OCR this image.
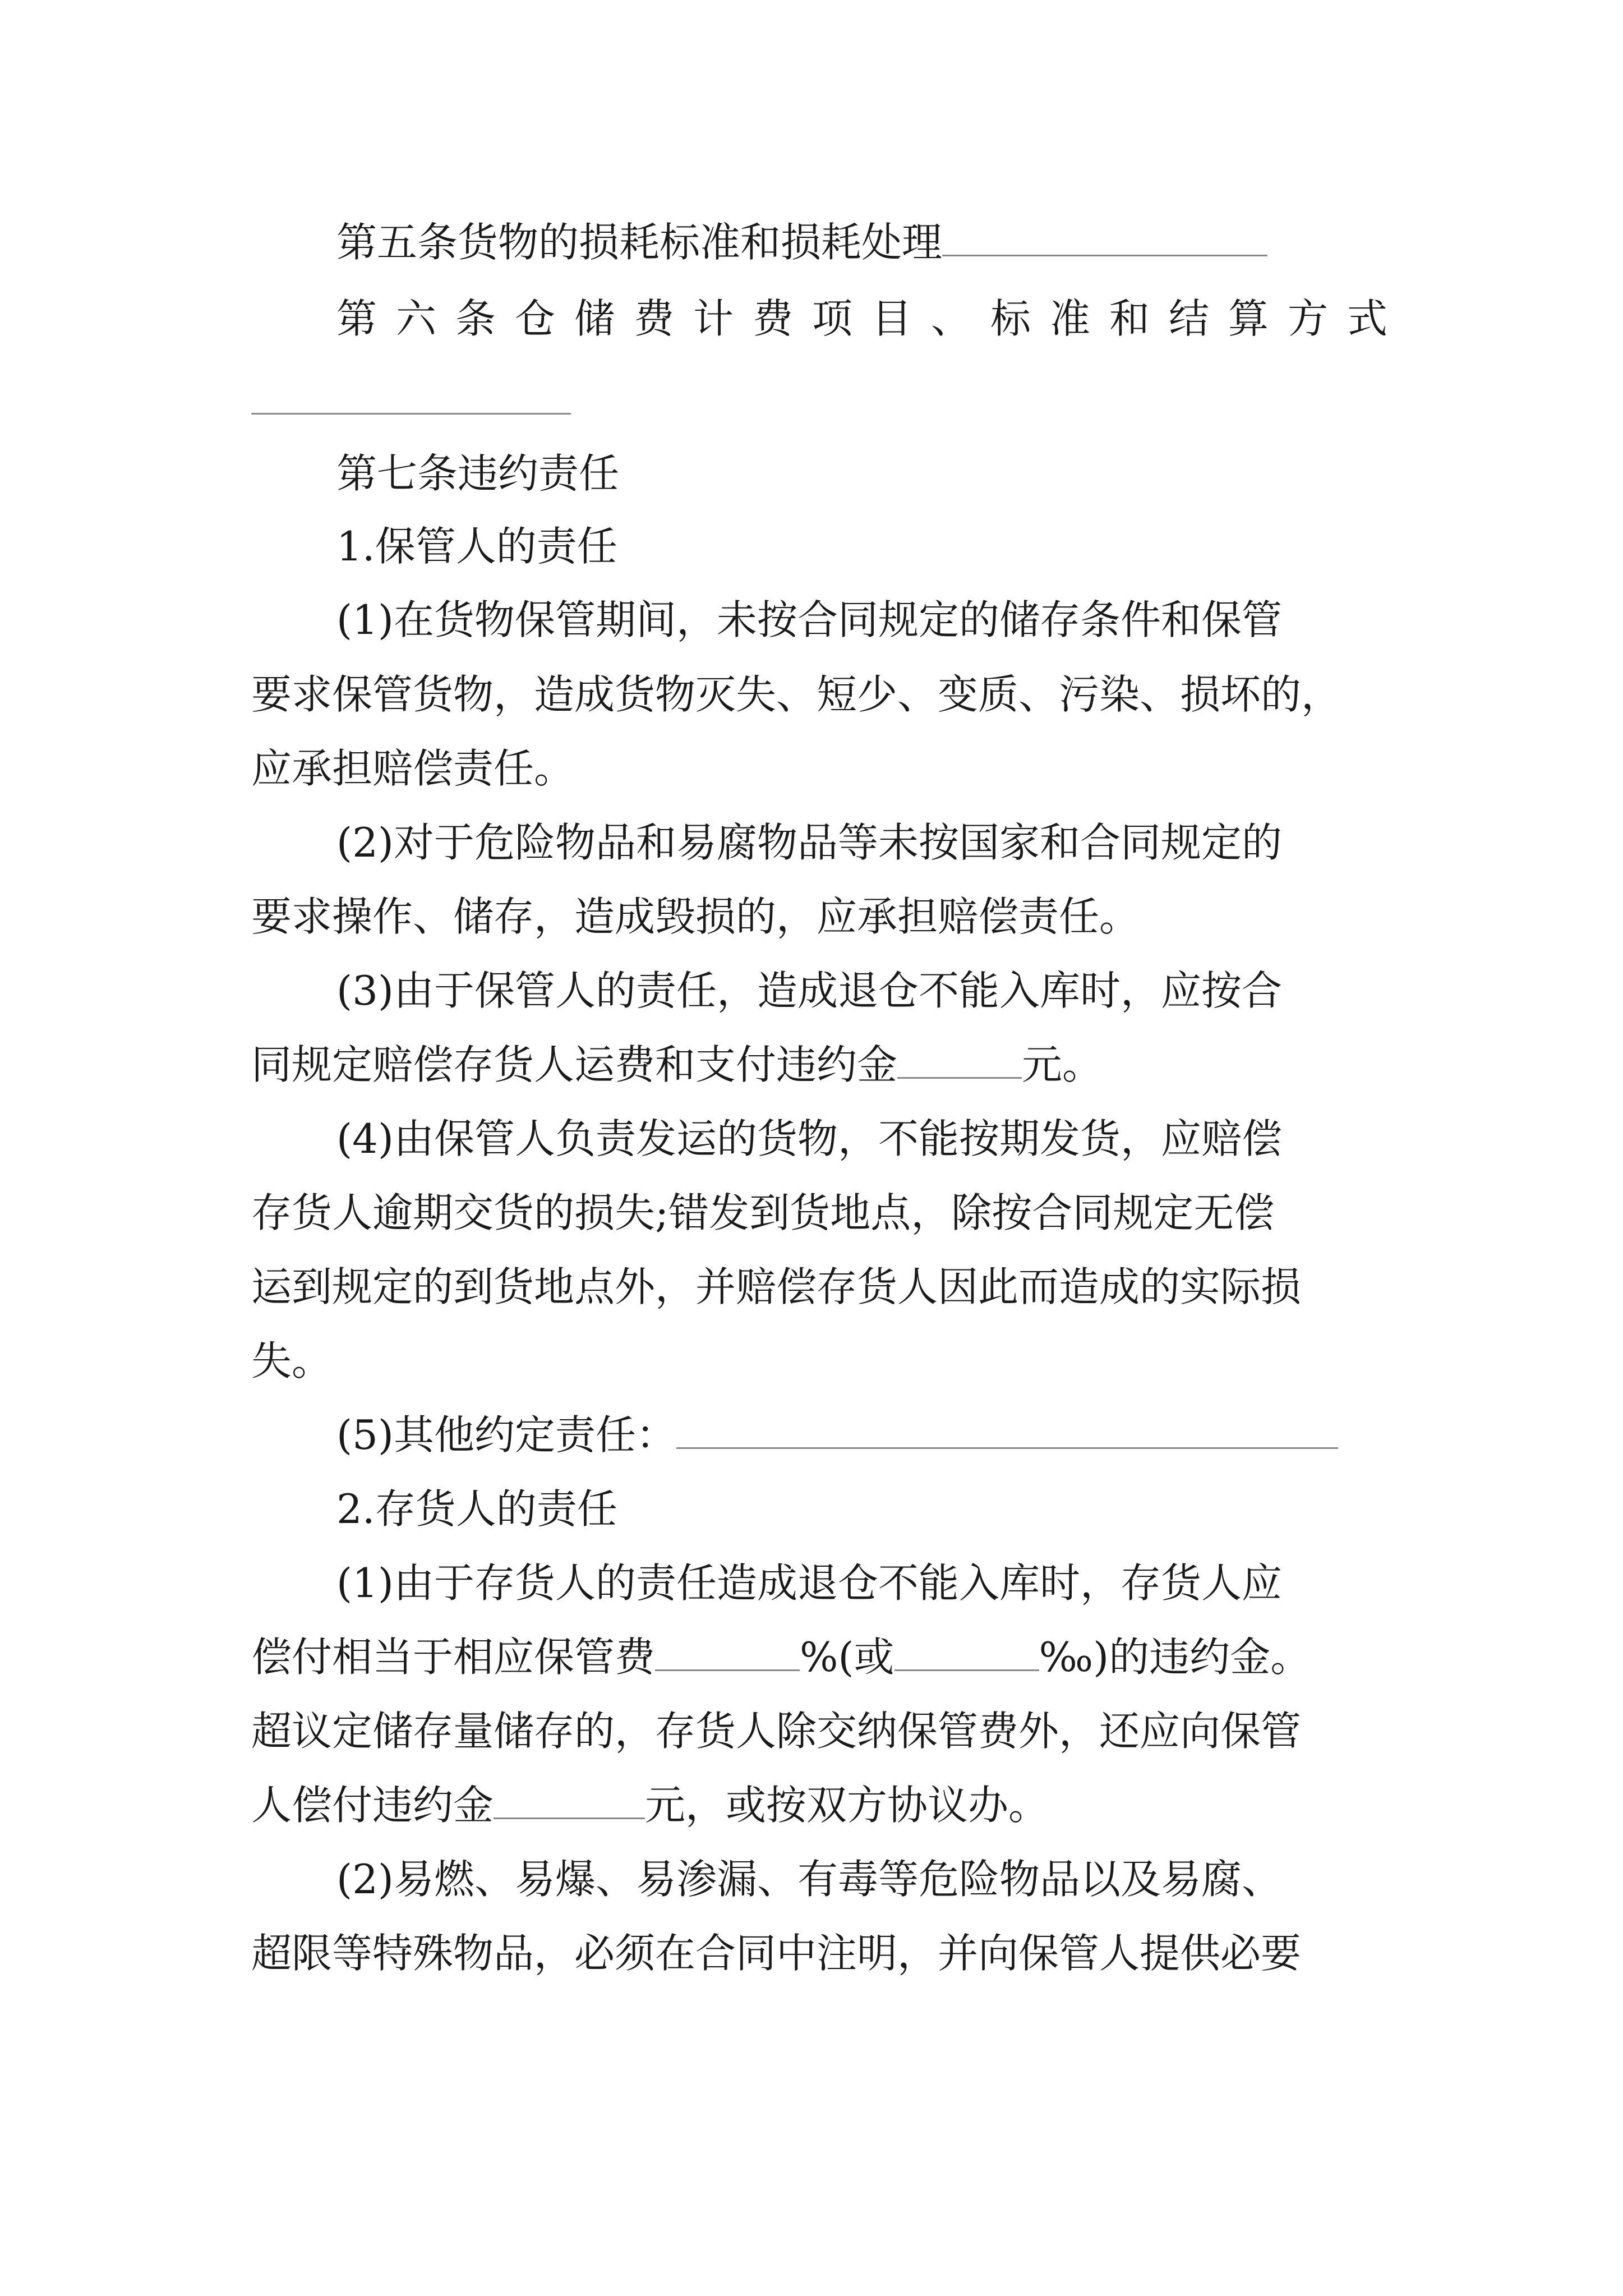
第五条货物的损耗标准和损耗处理
第六条仓储费计费项目、标准和结算方式
第七条违约责任
1.保管人的责任
(1)在货物保管期间，未按合同规定的储存条件和保管
要求保管货物，造成货物灭失、短少、变质、污染、损坏的，
应承担赔偿责任。
(2)对于危险物品和易腐物品等未按国家和合同规定的
要求操作、储存，造成毁损的，应承担赔偿责任。
(3)由于保管人的责任，造成退仓不能入库时，应按合
同规定赔偿存货人运费和支付违约金	元。
(4)由保管人负责发运的货物，不能按期发货，应赔偿
存货人逾期交货的损失;错发到货地点，除按合同规定无偿
运到规定的到货地点外，并赔偿存货人因此而造成的实际损
失。
(5)其他约定责任：
2.存货人的责任
(1)由于存货人的责任造成退仓不能入库时，存货人应
偿付相当于相应保管费	%(或	‰)的违约金。
超议定储存量储存的，存货人除交纳保管费外，还应向保管
人偿付违约金	元，或按双方协议办。
(2)易燃、易爆、易渗漏、有毒等危险物品以及易腐、
超限等特殊物品，必须在合同中注明，并向保管人提供必要
